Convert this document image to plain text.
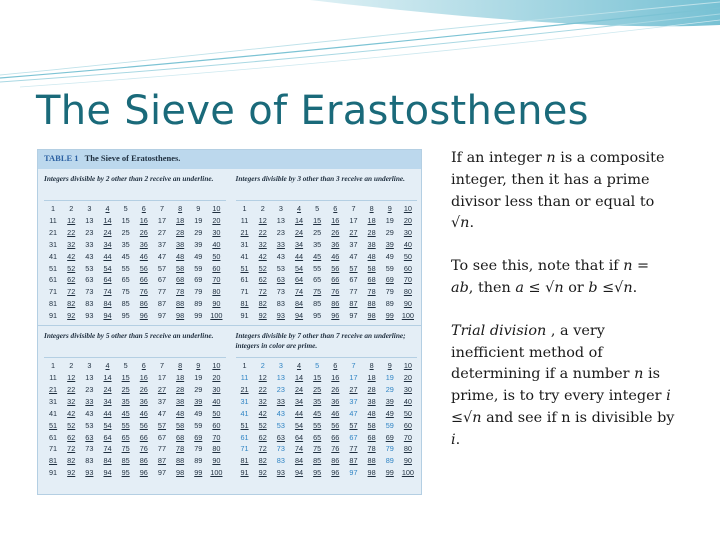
The Sieve of Erastosthenes
TABLE 1 The Sieve of Eratosthenes.
Integers divisible by 2 other than 2 receive an underline.
1	2	3	4	5	6	7	8	9	10
11	12	13	14	15	16	17	18	19	20
21	22	23	24	25	26	27	28	29	30
31	32	33	34	35	36	37	38	39	40
41	42	43	44	45	46	47	48	49	50
51	52	53	54	55	56	57	58	59	60
61	62	63	64	65	66	67	68	69	70
71	72	73	74	75	76	77	78	79	80
81	82	83	84	85	86	87	88	89	90
91	92	93	94	95	96	97	98	99	100
Integers divisible by 3 other than 3 receive an underline.
1	2	3	4	5	6	7	8	9	10
11	12	13	14	15	16	17	18	19	20
21	22	23	24	25	26	27	28	29	30
31	32	33	34	35	36	37	38	39	40
41	42	43	44	45	46	47	48	49	50
51	52	53	54	55	56	57	58	59	60
61	62	63	64	65	66	67	68	69	70
71	72	73	74	75	76	77	78	79	80
81	82	83	84	85	86	87	88	89	90
91	92	93	94	95	96	97	98	99	100
Integers divisible by 5 other than 5 receive an underline.
1	2	3	4	5	6	7	8	9	10
11	12	13	14	15	16	17	18	19	20
21	22	23	24	25	26	27	28	29	30
31	32	33	34	35	36	37	38	39	40
41	42	43	44	45	46	47	48	49	50
51	52	53	54	55	56	57	58	59	60
61	62	63	64	65	66	67	68	69	70
71	72	73	74	75	76	77	78	79	80
81	82	83	84	85	86	87	88	89	90
91	92	93	94	95	96	97	98	99	100
Integers divisible by 7 other than 7 receive an underline; integers in color are prime.
1	2	3	4	5	6	7	8	9	10
11	12	13	14	15	16	17	18	19	20
21	22	23	24	25	26	27	28	29	30
31	32	33	34	35	36	37	38	39	40
41	42	43	44	45	46	47	48	49	50
51	52	53	54	55	56	57	58	59	60
61	62	63	64	65	66	67	68	69	70
71	72	73	74	75	76	77	78	79	80
81	82	83	84	85	86	87	88	89	90
91	92	93	94	95	96	97	98	99	100

If an integer n is a composite integer, then it has a prime divisor less than or equal to √n.

To see this, note that if n = ab, then a ≤ √n or b ≤√n.

Trial division , a very inefficient method of determining if a number n is prime, is to try every integer i ≤√n and see if n is divisible by i.
